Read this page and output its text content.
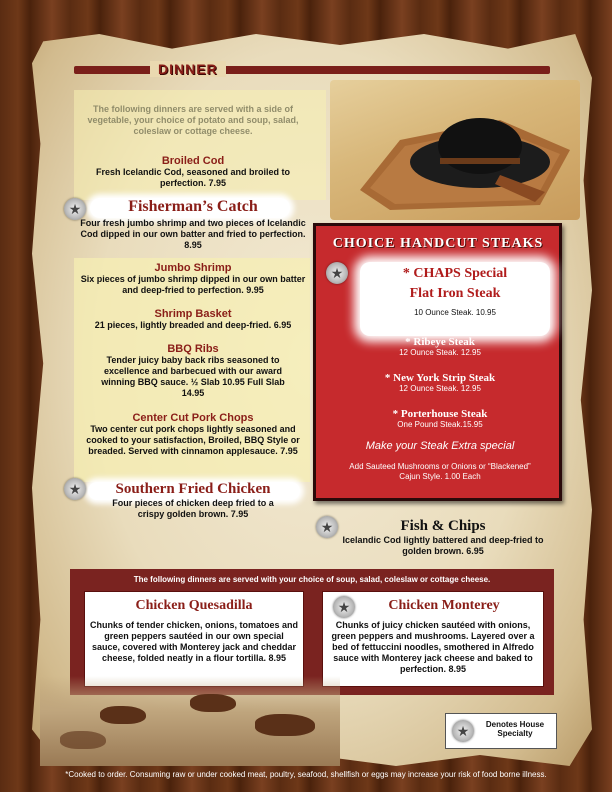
DINNER
Broiled Cod
Fresh Icelandic Cod, seasoned and broiled to perfection. 7.95
★	Fisherman’s Catch
Four fresh jumbo shrimp and two pieces of Icelandic Cod dipped in our own batter and fried to perfection. 8.95
Jumbo Shrimp
Six pieces of jumbo shrimp dipped in our own batter and deep-fried to perfection. 9.95
Shrimp Basket
21 pieces, lightly breaded and deep-fried. 6.95
BBQ Ribs
Tender juicy baby back ribs seasoned to excellence and barbecued with our award winning BBQ sauce. ½ Slab 10.95 Full Slab 14.95
Center Cut Pork Chops
Two center cut pork chops lightly seasoned and cooked to your satisfaction, Broiled, BBQ Style or breaded. Served with cinnamon applesauce. 7.95
★	Southern Fried Chicken
Four pieces of chicken deep fried to a crispy golden brown. 7.95
CHOICE HANDCUT STEAKS
★	* CHAPS Special
Flat Iron Steak
10 Ounce Steak. 10.95
* Ribeye Steak
12 Ounce Steak. 12.95
* New York Strip Steak
12 Ounce Steak. 12.95
* Porterhouse Steak
One Pound Steak.15.95
Make your Steak Extra special
Add Sauteed Mushrooms or Onions or “Blackened” Cajun Style. 1.00 Each
★	Fish & Chips
Icelandic Cod lightly battered and deep-fried to golden brown. 6.95
The following dinners are served with your choice of soup, salad, coleslaw or cottage cheese.
Chicken Quesadilla
Chunks of tender chicken, onions, tomatoes and green peppers sautéed in our own special sauce, covered with Monterey jack and cheddar cheese, folded neatly in a flour tortilla. 8.95
★	Chicken Monterey
Chunks of juicy chicken sautéed with onions, green peppers and mushrooms. Layered over a bed of fettuccini noodles, smothered in Alfredo sauce with Monterey jack cheese and baked to perfection. 8.95
★	Denotes House Specialty
*Cooked to order. Consuming raw or under cooked meat, poultry, seafood, shellfish or eggs may increase your risk of food borne illness.
